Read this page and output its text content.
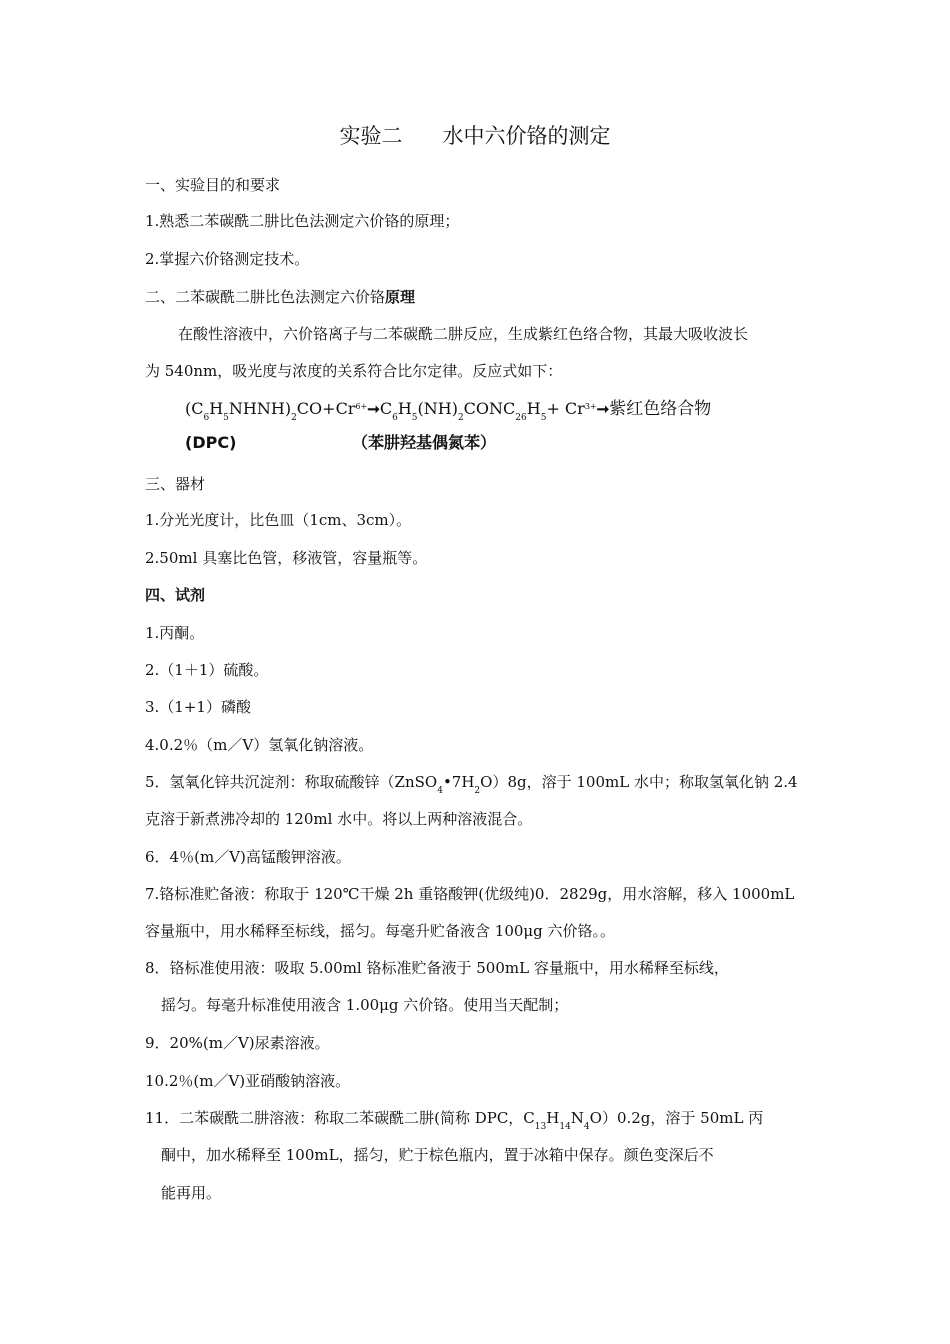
实验二      水中六价铬的测定
一、实验目的和要求
1.熟悉二苯碳酰二肼比色法测定六价铬的原理；
2.掌握六价铬测定技术。
二、二苯碳酰二肼比色法测定六价铬原理
在酸性溶液中，六价铬离子与二苯碳酰二肼反应，生成紫红色络合物，其最大吸收波长
为 540nm，吸光度与浓度的关系符合比尔定律。反应式如下：
$(C_6H_5NHNH)_2CO+Cr^{6+}➞C_6H_5(NH)_2CONC_{26}H_5+$ $Cr^{3+}➞$紫红色络合物
(DPC)	（苯肼羟基偶氮苯）
三、器材
1.分光光度计，比色皿（1cm、3cm）。
2.50ml 具塞比色管，移液管，容量瓶等。
四、试剂
1.丙酮。
2.（1＋1）硫酸。
3.（1+1）磷酸
4.0.2％（m／V）氢氧化钠溶液。
5．氢氧化锌共沉淀剂：称取硫酸锌$(ZnSO_4•7H_2O)8g$，溶于 100mL 水中；称取氢氧化钠 2.4
克溶于新煮沸冷却的 120ml 水中。将以上两种溶液混合。
6．4％(m／V)高锰酸钾溶液。
7.铬标准贮备液：称取于 120℃干燥 2h 重铬酸钾(优级纯)0．2829g，用水溶解，移入 1000mL
容量瓶中，用水稀释至标线，摇匀。每毫升贮备液含 100μg 六价铬。。
8．铬标准使用液：吸取 5.00ml 铬标准贮备液于 500mL 容量瓶中，用水稀释至标线，
摇匀。每毫升标准使用液含 1.00μg 六价铬。使用当天配制；
9．20%(m／V)尿素溶液。
10.2％(m／V)亚硝酸钠溶液。
11．二苯碳酰二肼溶液：称取二苯碳酰二肼(简称 DPC，$C_{13}H_{14}N_4O)0.2g$，溶于 50mL 丙
酮中，加水稀释至 100mL，摇匀，贮于棕色瓶内，置于冰箱中保存。颜色变深后不
能再用。
